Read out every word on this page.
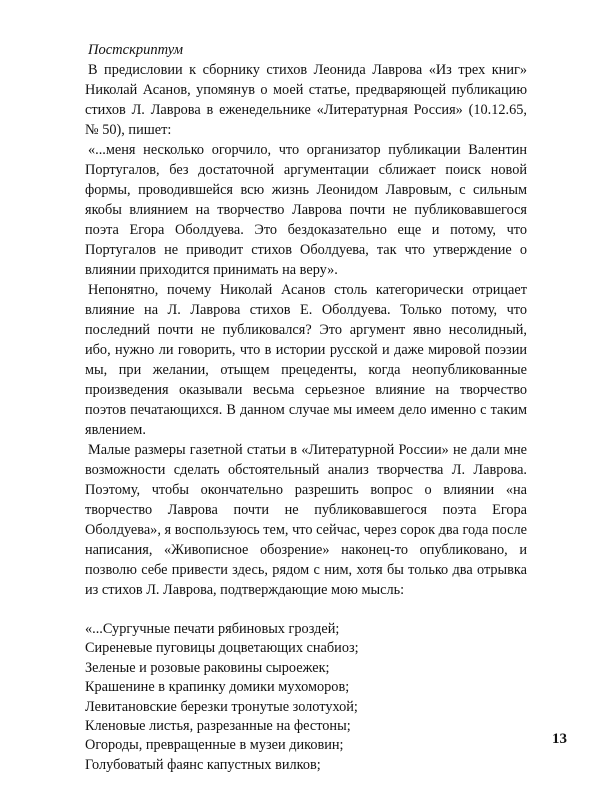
Постскриптум

В предисловии к сборнику стихов Леонида Лаврова «Из трех книг» Николай Асанов, упомянув о моей статье, предваряющей публикацию стихов Л. Лаврова в еженедельнике «Литературная Россия» (10.12.65, № 50), пишет:

«...меня несколько огорчило, что организатор публикации Валентин Португалов, без достаточной аргументации сближает поиск новой формы, проводившейся всю жизнь Леонидом Лавровым, с сильным якобы влиянием на творчество Лаврова почти не публиковавшегося поэта Егора Оболдуева. Это бездоказательно еще и потому, что Португалов не приводит стихов Оболдуева, так что утверждение о влиянии приходится принимать на веру».

Непонятно, почему Николай Асанов столь категорически отрицает влияние на Л. Лаврова стихов Е. Оболдуева. Только потому, что последний почти не публиковался? Это аргумент явно несолидный, ибо, нужно ли говорить, что в истории русской и даже мировой поэзии мы, при желании, отыщем прецеденты, когда неопубликованные произведения оказывали весьма серьезное влияние на творчество поэтов печатающихся. В данном случае мы имеем дело именно с таким явлением.

Малые размеры газетной статьи в «Литературной России» не дали мне возможности сделать обстоятельный анализ творчества Л. Лаврова. Поэтому, чтобы окончательно разрешить вопрос о влиянии «на творчество Лаврова почти не публиковавшегося поэта Егора Оболдуева», я воспользуюсь тем, что сейчас, через сорок два года после написания, «Живописное обозрение» наконец-то опубликовано, и позволю себе привести здесь, рядом с ним, хотя бы только два отрывка из стихов Л. Лаврова, подтверждающие мою мысль:

«...Сургучные печати рябиновых гроздей;
Сиреневые пуговицы доцветающих снабиоз;
Зеленые и розовые раковины сыроежек;
Крашенине в крапинку домики мухоморов;
Левитановские березки тронутые золотухой;
Кленовые листья, разрезанные на фестоны;
Огороды, превращенные в музеи диковин;
Голубоватый фаянс капустных вилков;
13
